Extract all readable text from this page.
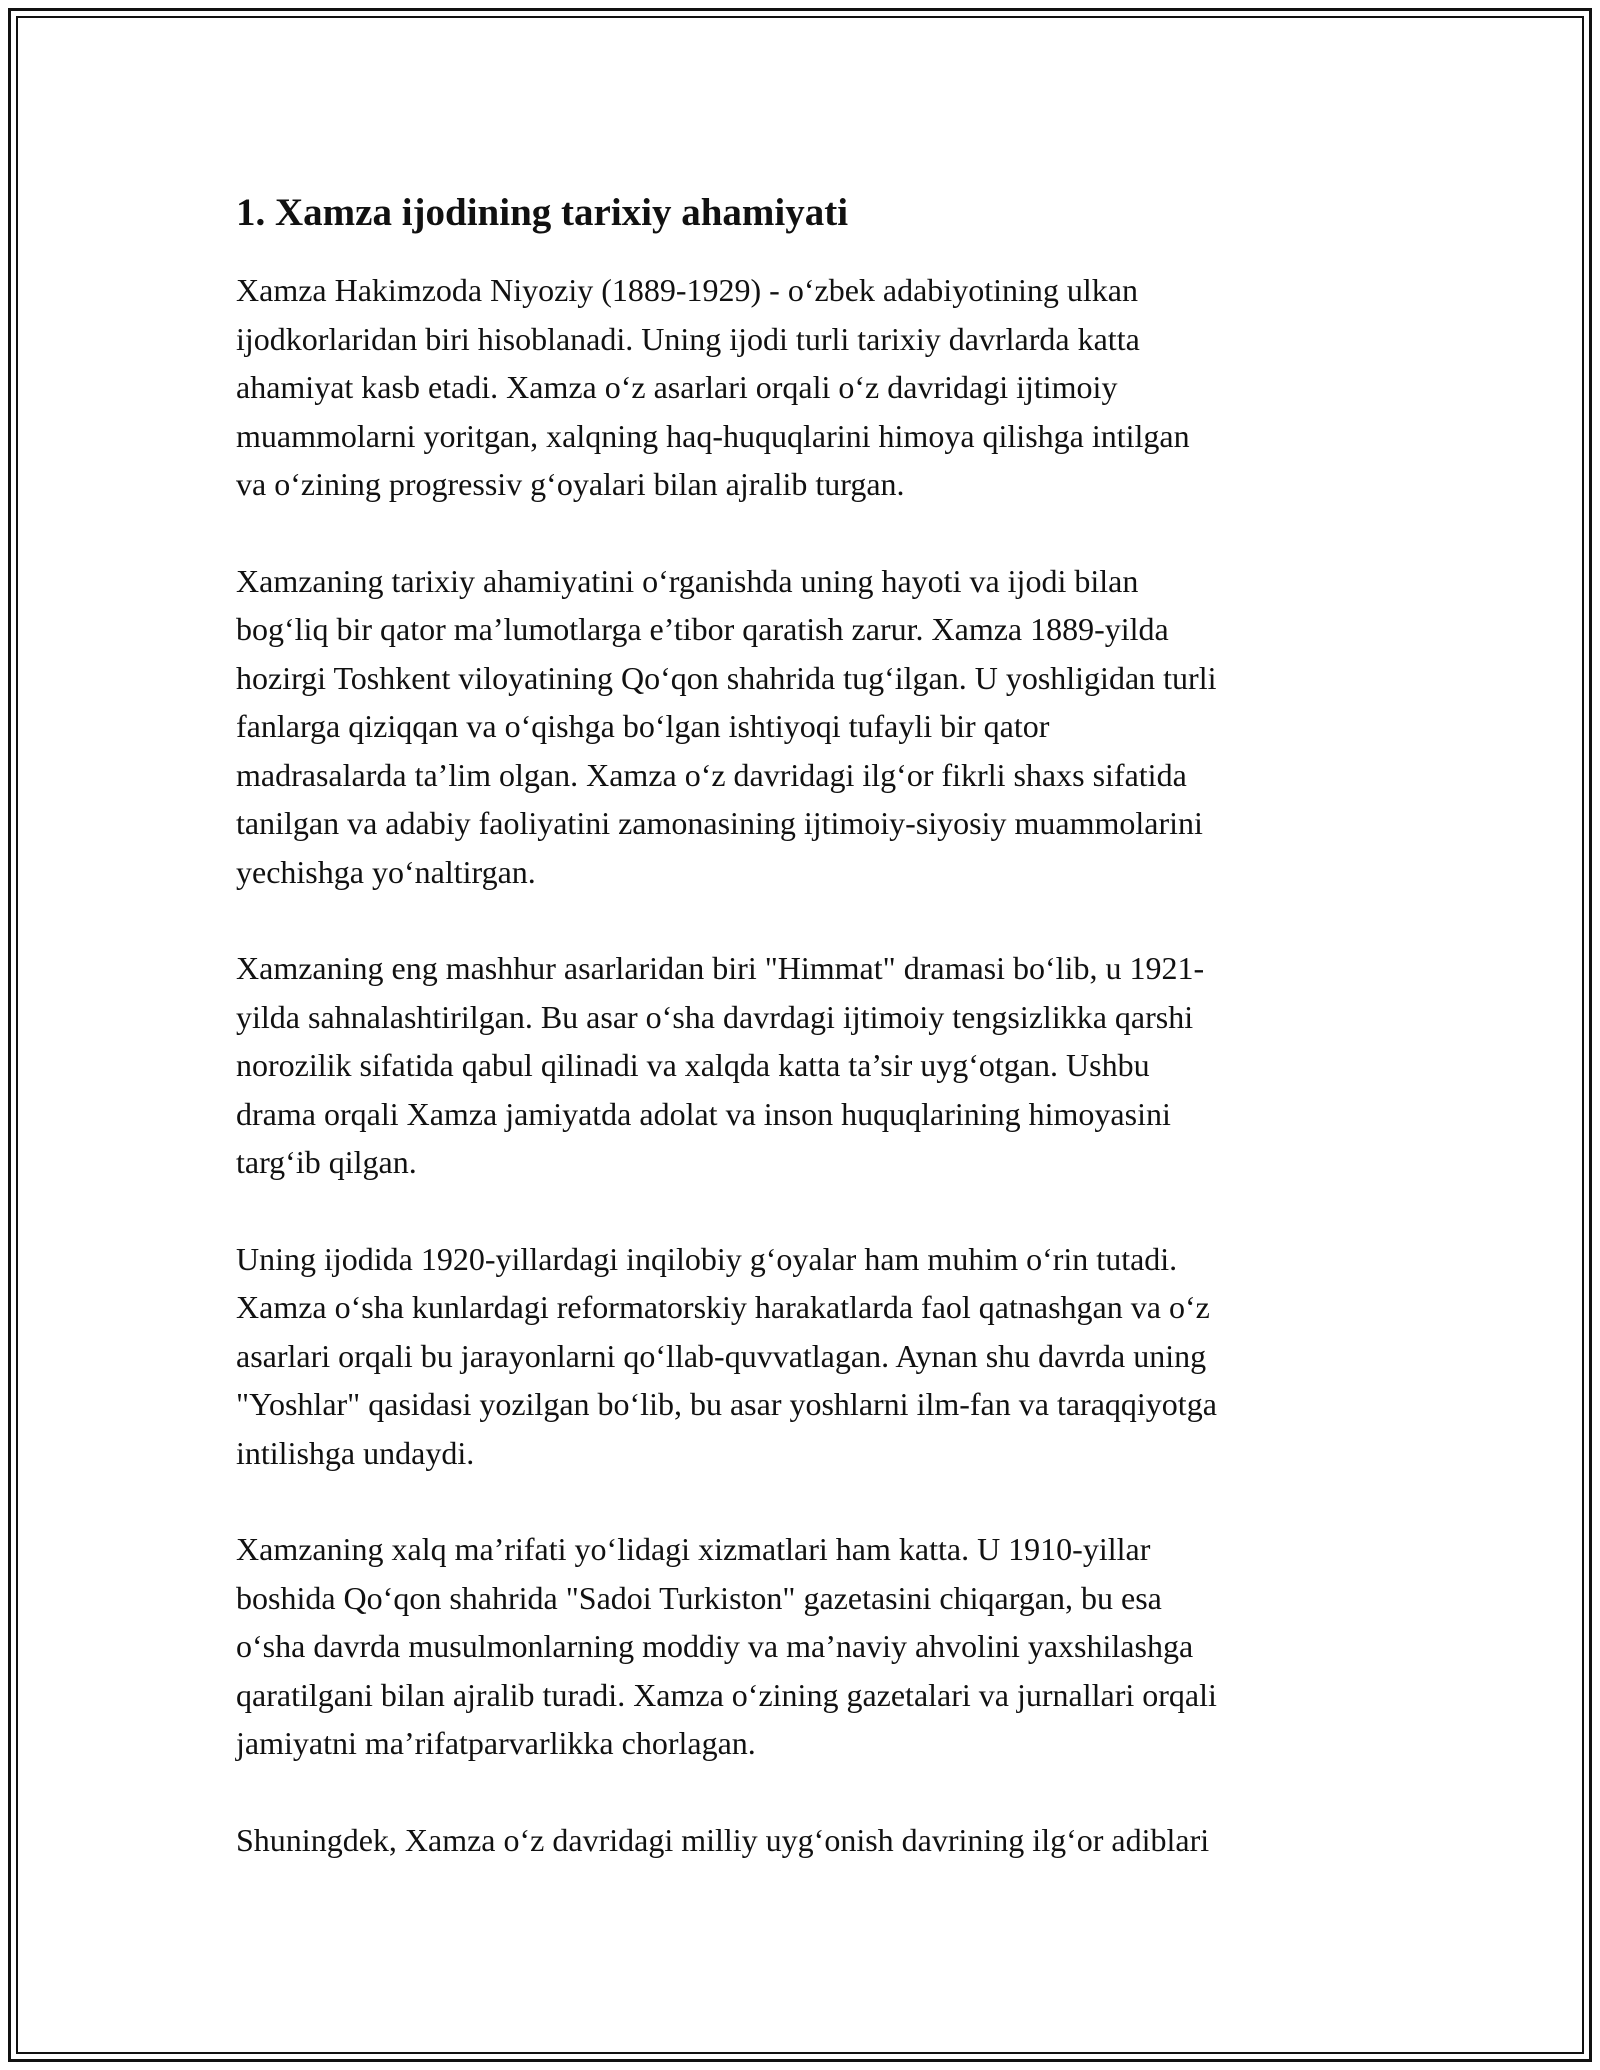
1. Xamza ijodining tarixiy ahamiyati

Xamza Hakimzoda Niyoziy (1889-1929) - o‘zbek adabiyotining ulkan
ijodkorlaridan biri hisoblanadi. Uning ijodi turli tarixiy davrlarda katta
ahamiyat kasb etadi. Xamza o‘z asarlari orqali o‘z davridagi ijtimoiy
muammolarni yoritgan, xalqning haq-huquqlarini himoya qilishga intilgan
va o‘zining progressiv g‘oyalari bilan ajralib turgan.

Xamzaning tarixiy ahamiyatini o‘rganishda uning hayoti va ijodi bilan
bog‘liq bir qator ma’lumotlarga e’tibor qaratish zarur. Xamza 1889-yilda
hozirgi Toshkent viloyatining Qo‘qon shahrida tug‘ilgan. U yoshligidan turli
fanlarga qiziqqan va o‘qishga bo‘lgan ishtiyoqi tufayli bir qator
madrasalarda ta’lim olgan. Xamza o‘z davridagi ilg‘or fikrli shaxs sifatida
tanilgan va adabiy faoliyatini zamonasining ijtimoiy-siyosiy muammolarini
yechishga yo‘naltirgan.

Xamzaning eng mashhur asarlaridan biri "Himmat" dramasi bo‘lib, u 1921-
yilda sahnalashtirilgan. Bu asar o‘sha davrdagi ijtimoiy tengsizlikka qarshi
norozilik sifatida qabul qilinadi va xalqda katta ta’sir uyg‘otgan. Ushbu
drama orqali Xamza jamiyatda adolat va inson huquqlarining himoyasini
targ‘ib qilgan.

Uning ijodida 1920-yillardagi inqilobiy g‘oyalar ham muhim o‘rin tutadi.
Xamza o‘sha kunlardagi reformatorskiy harakatlarda faol qatnashgan va o‘z
asarlari orqali bu jarayonlarni qo‘llab-quvvatlagan. Aynan shu davrda uning
"Yoshlar" qasidasi yozilgan bo‘lib, bu asar yoshlarni ilm-fan va taraqqiyotga
intilishga undaydi.

Xamzaning xalq ma’rifati yo‘lidagi xizmatlari ham katta. U 1910-yillar
boshida Qo‘qon shahrida "Sadoi Turkiston" gazetasini chiqargan, bu esa
o‘sha davrda musulmonlarning moddiy va ma’naviy ahvolini yaxshilashga
qaratilgani bilan ajralib turadi. Xamza o‘zining gazetalari va jurnallari orqali
jamiyatni ma’rifatparvarlikka chorlagan.

Shuningdek, Xamza o‘z davridagi milliy uyg‘onish davrining ilg‘or adiblari
